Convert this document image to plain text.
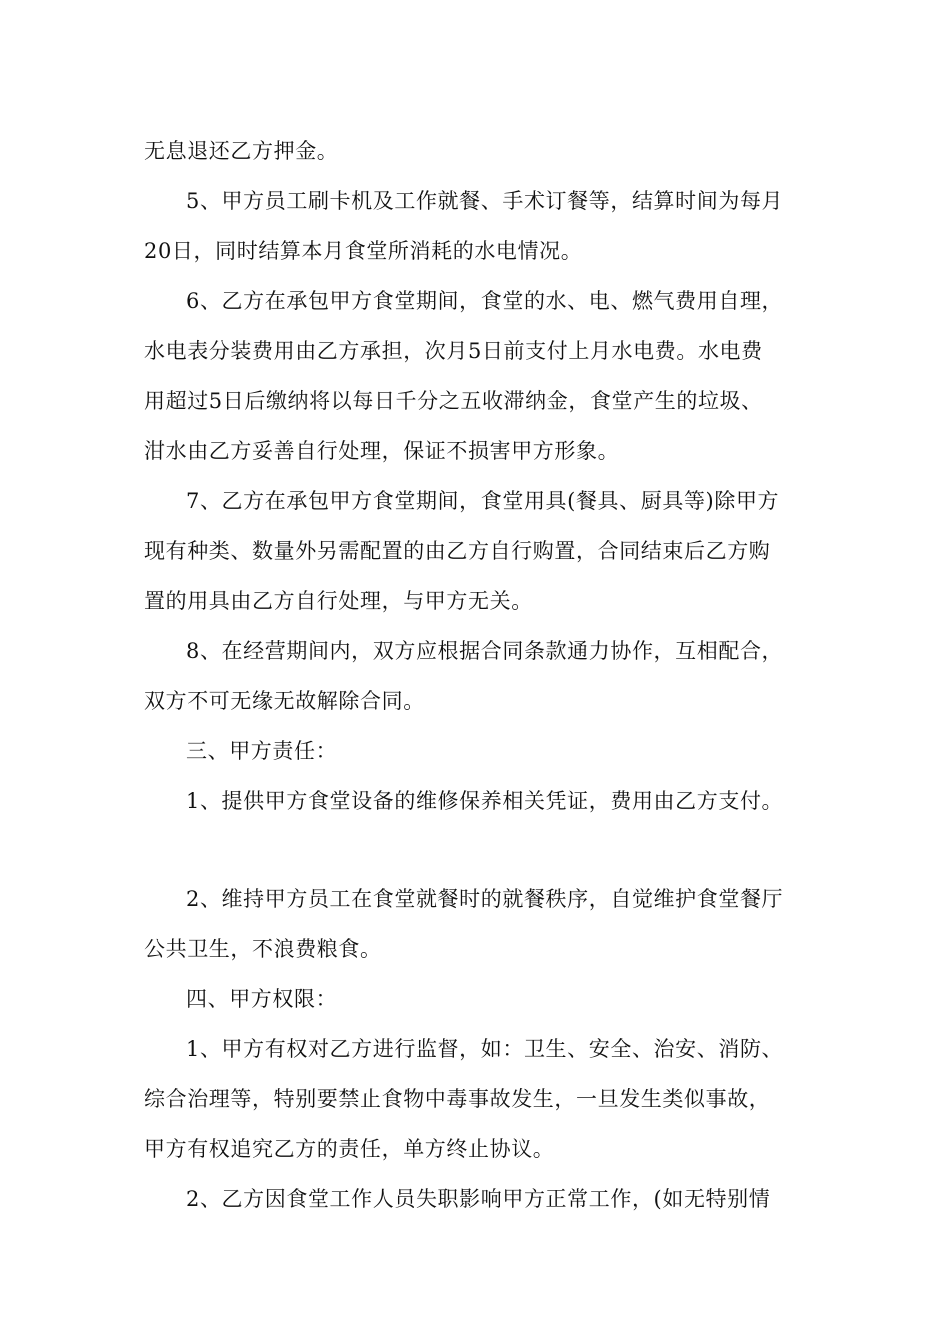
无息退还乙方押金。
5、甲方员工刷卡机及工作就餐、手术订餐等，结算时间为每月
20日，同时结算本月食堂所消耗的水电情况。
6、乙方在承包甲方食堂期间，食堂的水、电、燃气费用自理，
水电表分装费用由乙方承担，次月5日前支付上月水电费。水电费
用超过5日后缴纳将以每日千分之五收滞纳金，食堂产生的垃圾、
泔水由乙方妥善自行处理，保证不损害甲方形象。
7、乙方在承包甲方食堂期间，食堂用具(餐具、厨具等)除甲方
现有种类、数量外另需配置的由乙方自行购置，合同结束后乙方购
置的用具由乙方自行处理，与甲方无关。
8、在经营期间内，双方应根据合同条款通力协作，互相配合，
双方不可无缘无故解除合同。
三、甲方责任：
1、提供甲方食堂设备的维修保养相关凭证，费用由乙方支付。
2、维持甲方员工在食堂就餐时的就餐秩序，自觉维护食堂餐厅
公共卫生，不浪费粮食。
四、甲方权限：
1、甲方有权对乙方进行监督，如：卫生、安全、治安、消防、
综合治理等，特别要禁止食物中毒事故发生，一旦发生类似事故，
甲方有权追究乙方的责任，单方终止协议。
2、乙方因食堂工作人员失职影响甲方正常工作，(如无特别情
